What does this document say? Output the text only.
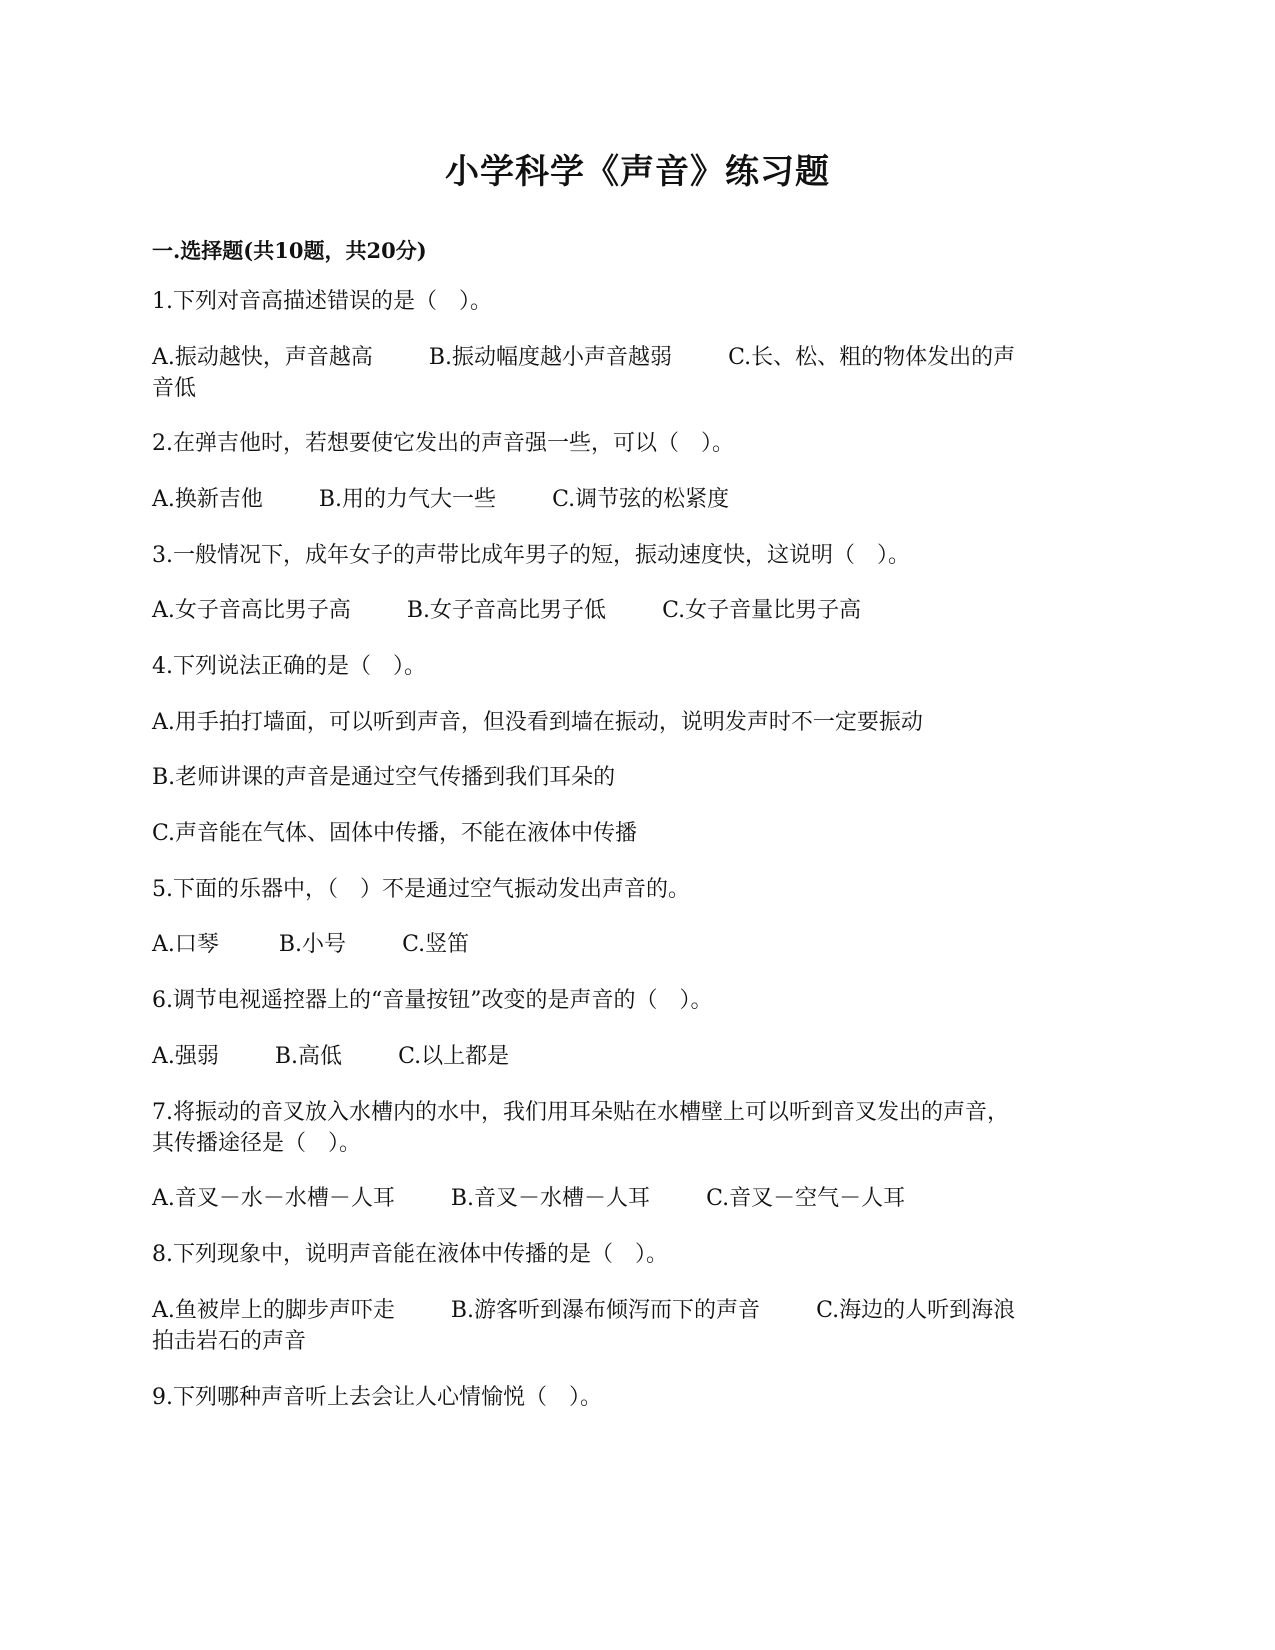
小学科学《声音》练习题
一.选择题(共10题，共20分)
1.下列对音高描述错误的是（　）。
A.振动越快，声音越高	B.振动幅度越小声音越弱	C.长、松、粗的物体发出的声
音低
2.在弹吉他时，若想要使它发出的声音强一些，可以（　）。
A.换新吉他	B.用的力气大一些	C.调节弦的松紧度
3.一般情况下，成年女子的声带比成年男子的短，振动速度快，这说明（　）。
A.女子音高比男子高	B.女子音高比男子低	C.女子音量比男子高
4.下列说法正确的是（　）。
A.用手拍打墙面，可以听到声音，但没看到墙在振动，说明发声时不一定要振动
B.老师讲课的声音是通过空气传播到我们耳朵的
C.声音能在气体、固体中传播，不能在液体中传播
5.下面的乐器中，（　）不是通过空气振动发出声音的。
A.口琴	B.小号	C.竖笛
6.调节电视遥控器上的“音量按钮”改变的是声音的（　）。
A.强弱	B.高低	C.以上都是
7.将振动的音叉放入水槽内的水中，我们用耳朵贴在水槽壁上可以听到音叉发出的声音，
其传播途径是（　）。
A.音叉－水－水槽－人耳	B.音叉－水槽－人耳	C.音叉－空气－人耳
8.下列现象中，说明声音能在液体中传播的是（　）。
A.鱼被岸上的脚步声吓走	B.游客听到瀑布倾泻而下的声音	C.海边的人听到海浪
拍击岩石的声音
9.下列哪种声音听上去会让人心情愉悦（　）。
